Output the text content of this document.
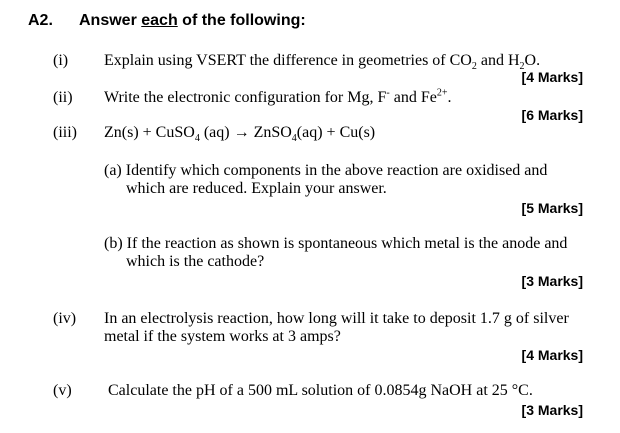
A2. Answer each of the following:
(i) Explain using VSERT the difference in geometries of $CO_2$ and $H_2O$.
[4 Marks]
(ii) Write the electronic configuration for Mg, F- and $Fe^{2+}$.
[6 Marks]
(iii) Zn(s) + CuSO$_4$ (aq) → ZnSO$_4$(aq) + Cu(s)
(a) Identify which components in the above reaction are oxidised and
which are reduced. Explain your answer.
[5 Marks]
(b) If the reaction as shown is spontaneous which metal is the anode and
which is the cathode?
[3 Marks]
(iv) In an electrolysis reaction, how long will it take to deposit 1.7 g of silver
metal if the system works at 3 amps?
[4 Marks]
(v) Calculate the pH of a 500 mL solution of 0.0854g NaOH at 25 °C.
[3 Marks]
